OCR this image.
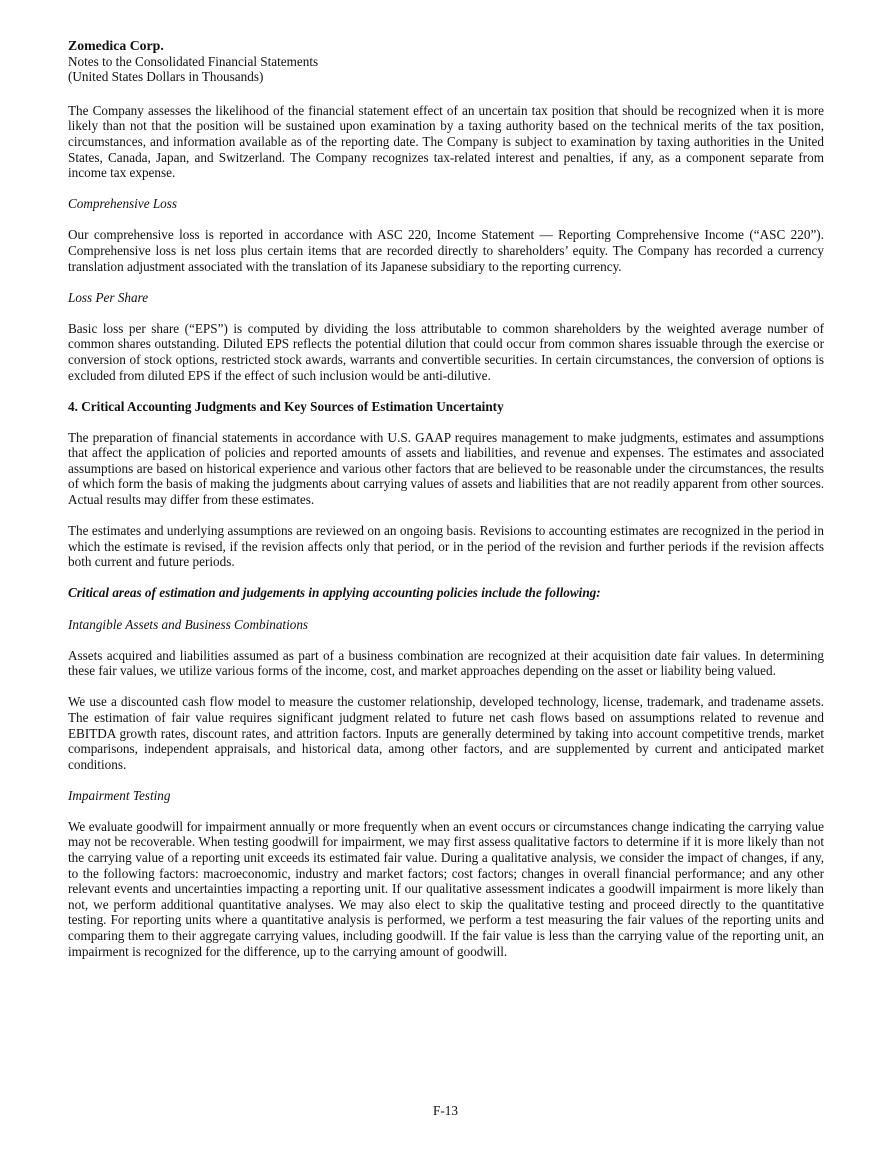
Zomedica Corp.

Notes to the Consolidated Financial Statements

(United States Dollars in Thousands)

The Company assesses the likelihood of the financial statement effect of an uncertain tax position that should be recognized when it is more likely than not that the position will be sustained upon examination by a taxing authority based on the technical merits of the tax position, circumstances, and information available as of the reporting date. The Company is subject to examination by taxing authorities in the United States, Canada, Japan, and Switzerland. The Company recognizes tax-related interest and penalties, if any, as a component separate from income tax expense.

Comprehensive Loss

Our comprehensive loss is reported in accordance with ASC 220, Income Statement — Reporting Comprehensive Income (“ASC 220”). Comprehensive loss is net loss plus certain items that are recorded directly to shareholders’ equity. The Company has recorded a currency translation adjustment associated with the translation of its Japanese subsidiary to the reporting currency.

Loss Per Share

Basic loss per share (“EPS”) is computed by dividing the loss attributable to common shareholders by the weighted average number of common shares outstanding. Diluted EPS reflects the potential dilution that could occur from common shares issuable through the exercise or conversion of stock options, restricted stock awards, warrants and convertible securities. In certain circumstances, the conversion of options is excluded from diluted EPS if the effect of such inclusion would be anti-dilutive.

4. Critical Accounting Judgments and Key Sources of Estimation Uncertainty

The preparation of financial statements in accordance with U.S. GAAP requires management to make judgments, estimates and assumptions that affect the application of policies and reported amounts of assets and liabilities, and revenue and expenses. The estimates and associated assumptions are based on historical experience and various other factors that are believed to be reasonable under the circumstances, the results of which form the basis of making the judgments about carrying values of assets and liabilities that are not readily apparent from other sources. Actual results may differ from these estimates.

The estimates and underlying assumptions are reviewed on an ongoing basis. Revisions to accounting estimates are recognized in the period in which the estimate is revised, if the revision affects only that period, or in the period of the revision and further periods if the revision affects both current and future periods.

Critical areas of estimation and judgements in applying accounting policies include the following:

Intangible Assets and Business Combinations

Assets acquired and liabilities assumed as part of a business combination are recognized at their acquisition date fair values. In determining these fair values, we utilize various forms of the income, cost, and market approaches depending on the asset or liability being valued.

We use a discounted cash flow model to measure the customer relationship, developed technology, license, trademark, and tradename assets. The estimation of fair value requires significant judgment related to future net cash flows based on assumptions related to revenue and EBITDA growth rates, discount rates, and attrition factors. Inputs are generally determined by taking into account competitive trends, market comparisons, independent appraisals, and historical data, among other factors, and are supplemented by current and anticipated market conditions.

Impairment Testing

We evaluate goodwill for impairment annually or more frequently when an event occurs or circumstances change indicating the carrying value may not be recoverable. When testing goodwill for impairment, we may first assess qualitative factors to determine if it is more likely than not the carrying value of a reporting unit exceeds its estimated fair value. During a qualitative analysis, we consider the impact of changes, if any, to the following factors: macroeconomic, industry and market factors; cost factors; changes in overall financial performance; and any other relevant events and uncertainties impacting a reporting unit. If our qualitative assessment indicates a goodwill impairment is more likely than not, we perform additional quantitative analyses. We may also elect to skip the qualitative testing and proceed directly to the quantitative testing. For reporting units where a quantitative analysis is performed, we perform a test measuring the fair values of the reporting units and comparing them to their aggregate carrying values, including goodwill. If the fair value is less than the carrying value of the reporting unit, an impairment is recognized for the difference, up to the carrying amount of goodwill.

F-13
